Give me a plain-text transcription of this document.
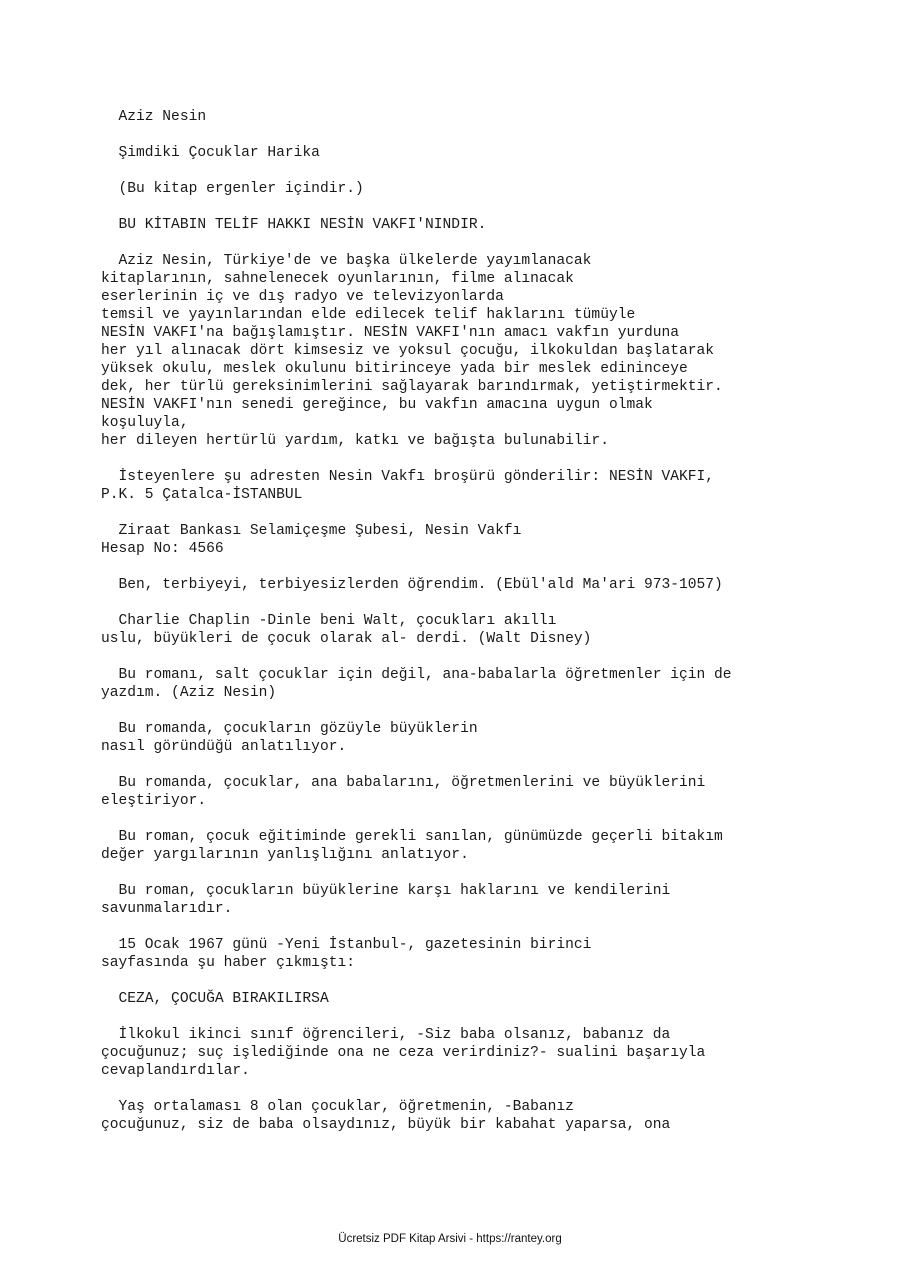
Aziz Nesin

Şimdiki Çocuklar Harika

(Bu kitap ergenler içindir.)

BU KİTABIN TELİF HAKKI NESİN VAKFI'NINDIR.

Aziz Nesin, Türkiye'de ve başka ülkelerde yayımlanacak
kitaplarının, sahnelenecek oyunlarının, filme alınacak
eserlerinin iç ve dış radyo ve televizyonlarda
temsil ve yayınlarından elde edilecek telif haklarını tümüyle
NESİN VAKFI'na bağışlamıştır. NESİN VAKFI'nın amacı vakfın yurduna
her yıl alınacak dört kimsesiz ve yoksul çocuğu, ilkokuldan başlatarak
yüksek okulu, meslek okulunu bitirinceye yada bir meslek edininceye
dek, her türlü gereksinimlerini sağlayarak barındırmak, yetiştirmektir.
NESİN VAKFI'nın senedi gereğince, bu vakfın amacına uygun olmak
koşuluyla,
her dileyen hertürlü yardım, katkı ve bağışta bulunabilir.

İsteyenlere şu adresten Nesin Vakfı broşürü gönderilir: NESİN VAKFI,
P.K. 5 Çatalca-İSTANBUL

Ziraat Bankası Selamiçeşme Şubesi, Nesin Vakfı
Hesap No: 4566

Ben, terbiyeyi, terbiyesizlerden öğrendim. (Ebül'ald Ma'ari 973-1057)

Charlie Chaplin -Dinle beni Walt, çocukları akıllı
uslu, büyükleri de çocuk olarak al- derdi. (Walt Disney)

Bu romanı, salt çocuklar için değil, ana-babalarla öğretmenler için de
yazdım. (Aziz Nesin)

Bu romanda, çocukların gözüyle büyüklerin
nasıl göründüğü anlatılıyor.

Bu romanda, çocuklar, ana babalarını, öğretmenlerini ve büyüklerini
eleştiriyor.

Bu roman, çocuk eğitiminde gerekli sanılan, günümüzde geçerli bitakım
değer yargılarının yanlışlığını anlatıyor.

Bu roman, çocukların büyüklerine karşı haklarını ve kendilerini
savunmalarıdır.

15 Ocak 1967 günü -Yeni İstanbul-, gazetesinin birinci
sayfasında şu haber çıkmıştı:

CEZA, ÇOCUĞA BIRAKILIRSA

İlkokul ikinci sınıf öğrencileri, -Siz baba olsanız, babanız da
çocuğunuz; suç işlediğinde ona ne ceza verirdiniz?- sualini başarıyla
cevaplandırdılar.

Yaş ortalaması 8 olan çocuklar, öğretmenin, -Babanız
çocuğunuz, siz de baba olsaydınız, büyük bir kabahat yaparsa, ona

Ücretsiz PDF Kitap Arsivi - https://rantey.org
